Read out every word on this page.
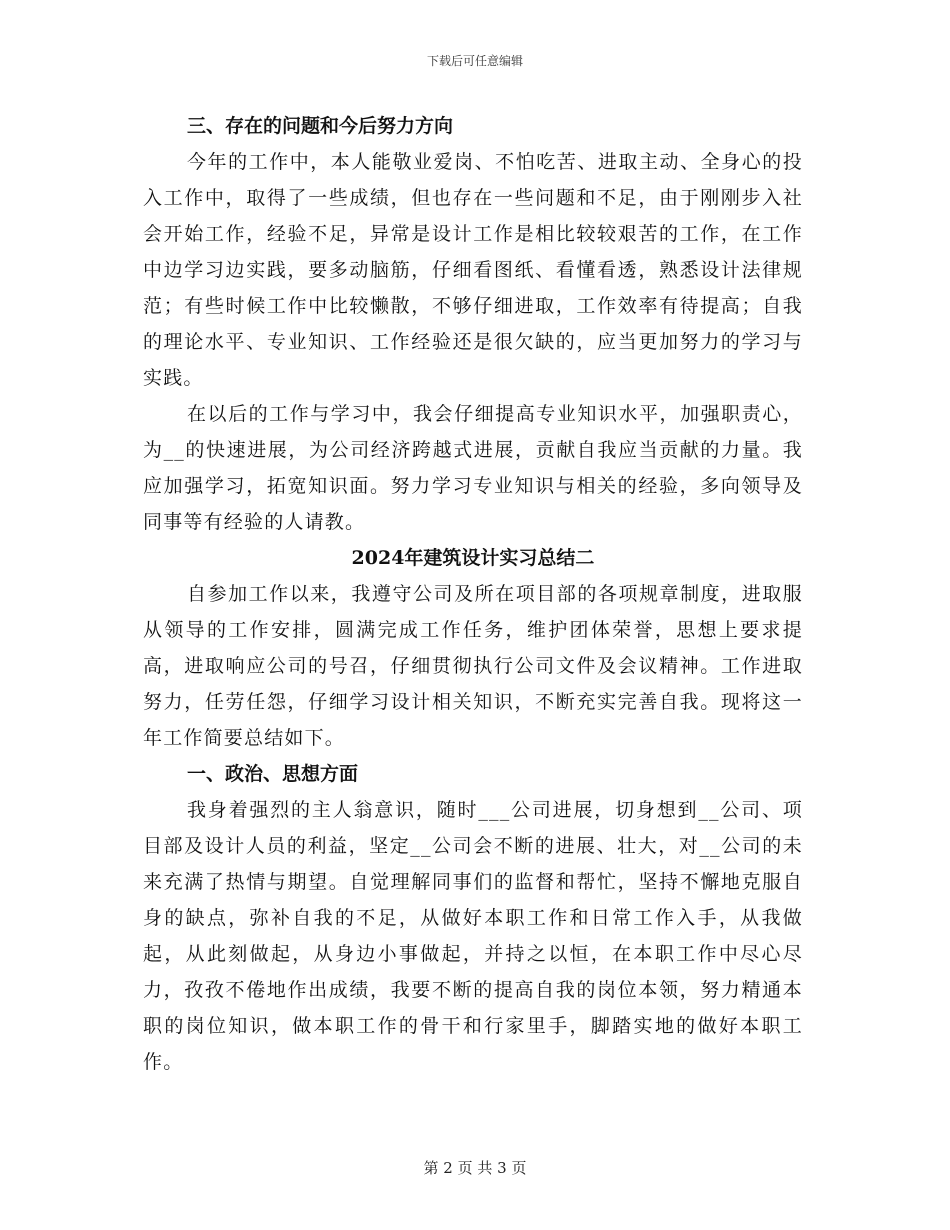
下载后可任意编辑
三、存在的问题和今后努力方向

今年的工作中，本人能敬业爱岗、不怕吃苦、进取主动、全身心的投入工作中，取得了一些成绩，但也存在一些问题和不足，由于刚刚步入社会开始工作，经验不足，异常是设计工作是相比较较艰苦的工作，在工作中边学习边实践，要多动脑筋，仔细看图纸、看懂看透，熟悉设计法律规范；有些时候工作中比较懒散，不够仔细进取，工作效率有待提高；自我的理论水平、专业知识、工作经验还是很欠缺的，应当更加努力的学习与实践。

在以后的工作与学习中，我会仔细提高专业知识水平，加强职责心，为__的快速进展，为公司经济跨越式进展，贡献自我应当贡献的力量。我应加强学习，拓宽知识面。努力学习专业知识与相关的经验，多向领导及同事等有经验的人请教。

2024年建筑设计实习总结二

自参加工作以来，我遵守公司及所在项目部的各项规章制度，进取服从领导的工作安排，圆满完成工作任务，维护团体荣誉，思想上要求提高，进取响应公司的号召，仔细贯彻执行公司文件及会议精神。工作进取努力，任劳任怨，仔细学习设计相关知识，不断充实完善自我。现将这一年工作简要总结如下。

一、政治、思想方面

我身着强烈的主人翁意识，随时___公司进展，切身想到__公司、项目部及设计人员的利益，坚定__公司会不断的进展、壮大，对__公司的未来充满了热情与期望。自觉理解同事们的监督和帮忙，坚持不懈地克服自身的缺点，弥补自我的不足，从做好本职工作和日常工作入手，从我做起，从此刻做起，从身边小事做起，并持之以恒，在本职工作中尽心尽力，孜孜不倦地作出成绩，我要不断的提高自我的岗位本领，努力精通本职的岗位知识，做本职工作的骨干和行家里手，脚踏实地的做好本职工作。

第 2 页 共 3 页
